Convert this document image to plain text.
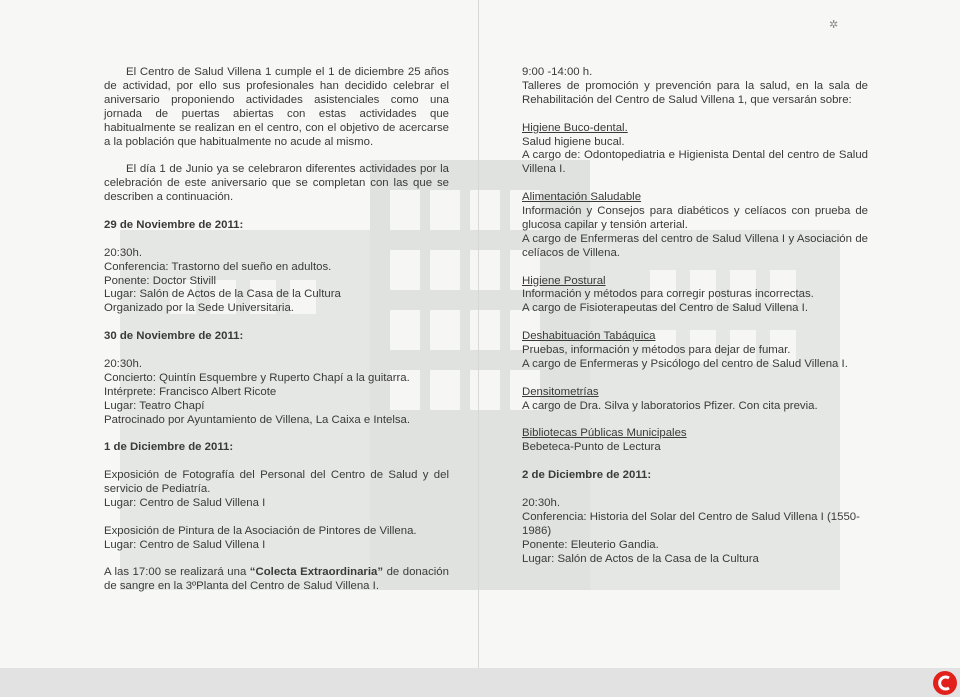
✲

El Centro de Salud Villena 1 cumple el 1 de diciembre 25 años de actividad, por ello sus profesionales han decidido celebrar el aniversario proponiendo actividades asistenciales como una jornada de puertas abiertas con estas actividades que habitualmente se realizan en el centro, con el objetivo de acercarse a la población que habitualmente no acude al mismo.

El día 1 de Junio ya se celebraron diferentes actividades por la celebración de este aniversario que se completan con las que se describen a continuación.

29 de Noviembre de 2011:

20:30h.

Conferencia: Trastorno del sueño en adultos.

Ponente: Doctor Stivill

Lugar: Salón de Actos de la Casa de la Cultura

Organizado por la Sede Universitaria.

30 de Noviembre de 2011:

20:30h.

Concierto: Quintín Esquembre y Ruperto Chapí a la guitarra.

Intérprete: Francisco Albert Ricote

Lugar: Teatro Chapí

Patrocinado por Ayuntamiento de Villena, La Caixa e Intelsa.

1 de Diciembre de 2011:

Exposición de Fotografía del Personal del Centro de Salud y del servicio de Pediatría.

Lugar: Centro de Salud Villena I

Exposición de Pintura de la Asociación de Pintores de Villena.

Lugar: Centro de Salud Villena I

A las 17:00 se realizará una “Colecta Extraordinaria” de donación de sangre en la 3ºPlanta del Centro de Salud Villena I.

9:00 -14:00 h.

Talleres de promoción y prevención para la salud, en la sala de Rehabilitación del Centro de Salud Villena 1, que versarán sobre:

Higiene Buco-dental.

Salud higiene bucal.

A cargo de: Odontopediatria e Higienista Dental del centro de Salud Villena I.

Alimentación Saludable

Información y Consejos para diabéticos y celíacos con prueba de glucosa capilar y tensión arterial.

A cargo de Enfermeras del centro de Salud Villena I y Asociación de celíacos de Villena.

Higiene Postural

Información y métodos para corregir posturas incorrectas.

A cargo de Fisioterapeutas del Centro de Salud Villena I.

Deshabituación Tabáquica

Pruebas, información y métodos para dejar de fumar.

A cargo de Enfermeras y Psicólogo del centro de Salud Villena I.

Densitometrías

A cargo de Dra. Silva y laboratorios Pfizer. Con cita previa.

Bibliotecas Públicas Municipales

Bebeteca-Punto de Lectura

2 de Diciembre de 2011:

20:30h.

Conferencia: Historia del Solar del Centro de Salud Villena I (1550-1986)

Ponente: Eleuterio Gandia.

Lugar: Salón de Actos de la Casa de la Cultura
